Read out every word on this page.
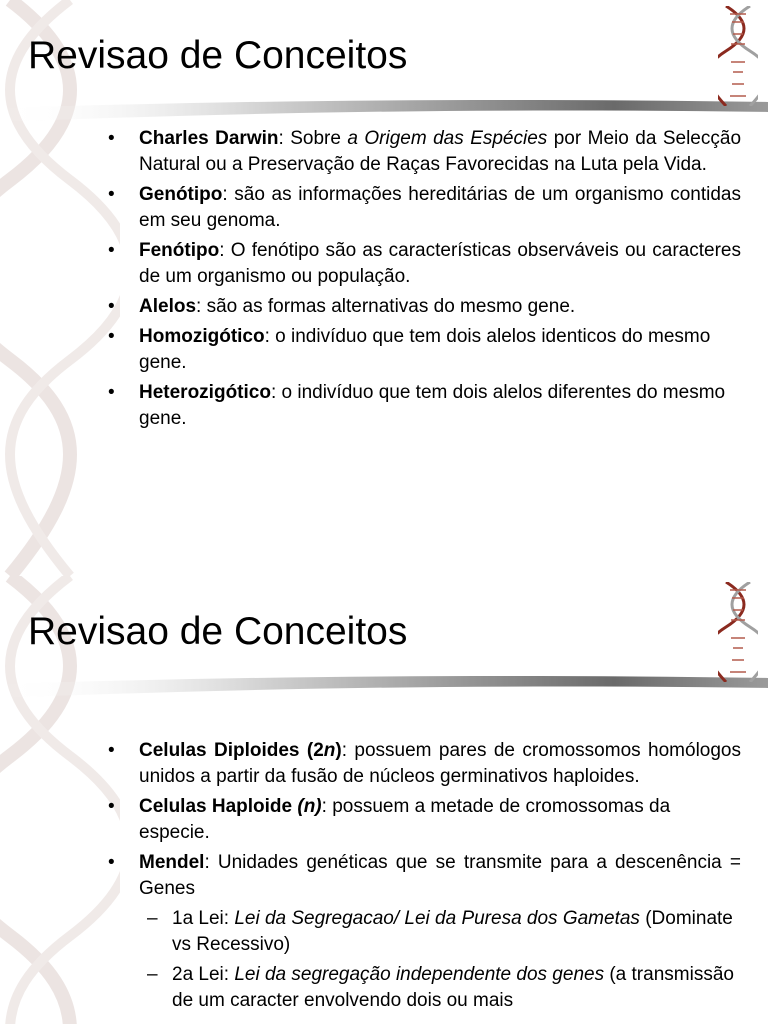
Revisao de Conceitos
• Charles Darwin: Sobre a Origem das Espécies por Meio da Selecção Natural ou a Preservação de Raças Favorecidas na Luta pela Vida.
• Genótipo: são as informações hereditárias de um organismo contidas em seu genoma.
• Fenótipo: O fenótipo são as características observáveis ou caracteres de um organismo ou população.
• Alelos: são as formas alternativas do mesmo gene.
• Homozigótico: o indivíduo que tem dois alelos identicos do mesmo gene.
• Heterozigótico: o indivíduo que tem dois alelos diferentes do mesmo gene.
Revisao de Conceitos
• Celulas Diploides (2n): possuem pares de cromossomos homólogos unidos a partir da fusão de núcleos germinativos haploides.
• Celulas Haploide (n): possuem a metade de cromossomas da especie.
• Mendel: Unidades genéticas que se transmite para a descenência = Genes
– 1a Lei: Lei da Segregacao/ Lei da Puresa dos Gametas (Dominate vs Recessivo)
– 2a Lei: Lei da segregação independente dos genes (a transmissão de um caracter envolvendo dois ou mais
